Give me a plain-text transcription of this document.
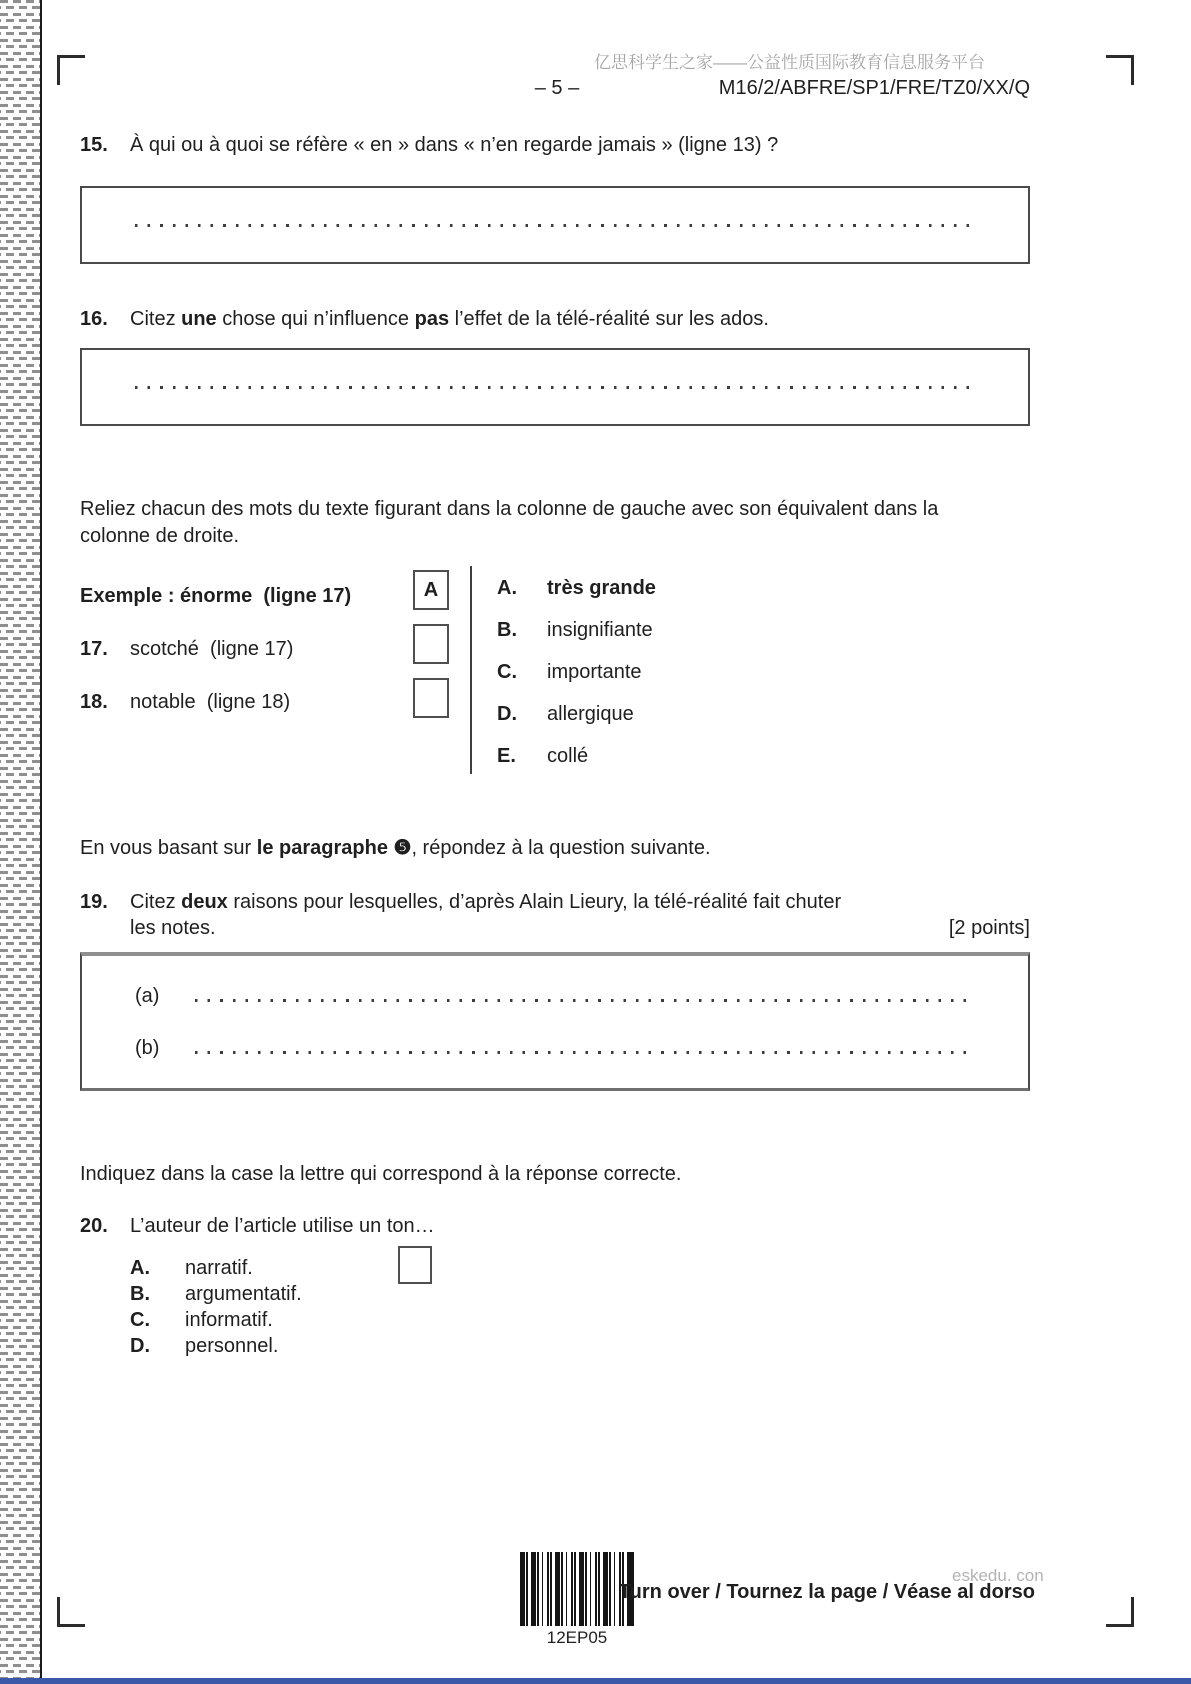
亿思科学生之家——公益性质国际教育信息服务平台
– 5 –	M16/2/ABFRE/SP1/FRE/TZ0/XX/Q
15. À qui ou à quoi se réfère « en » dans « n’en regarde jamais » (ligne 13) ?
16. Citez une chose qui n’influence pas l’effet de la télé-réalité sur les ados.
Reliez chacun des mots du texte figurant dans la colonne de gauche avec son équivalent dans la colonne de droite.
Exemple : énorme  (ligne 17)	A
17. scotché  (ligne 17)
18. notable  (ligne 18)
A. très grande
B. insignifiante
C. importante
D. allergique
E. collé
En vous basant sur le paragraphe ❺, répondez à la question suivante.
19. Citez deux raisons pour lesquelles, d’après Alain Lieury, la télé-réalité fait chuter
les notes.	[2 points]
(a)
(b)
Indiquez dans la case la lettre qui correspond à la réponse correcte.
20. L’auteur de l’article utilise un ton…
A. narratif.
B. argumentatif.
C. informatif.
D. personnel.
12EP05
eskedu. con
Turn over / Tournez la page / Véase al dorso
